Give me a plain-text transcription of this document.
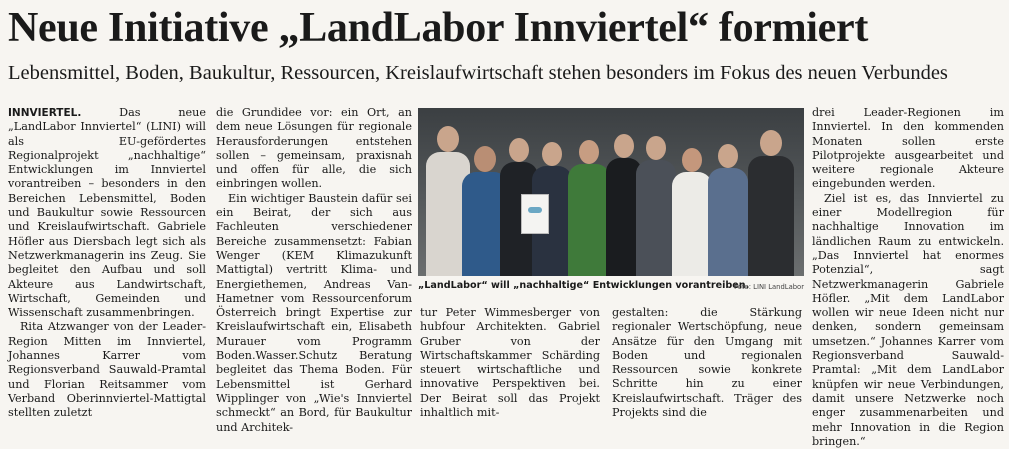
Neue Initiative „LandLabor Innviertel“ formiert
Lebensmittel, Boden, Baukultur, Ressourcen, Kreislaufwirtschaft stehen besonders im Fokus des neuen Verbundes

INNVIERTEL.	Das neue „LandLabor Innviertel“ (LINI) will als EU-gefördertes Regionalprojekt „nachhaltige“ Entwicklungen im Innviertel vorantreiben – besonders in den Bereichen Lebensmittel, Boden und Baukultur sowie Ressourcen und Kreislaufwirtschaft. Gabriele Höfler aus Diersbach legt sich als Netzwerkmanagerin ins Zeug. Sie begleitet den Aufbau und soll Akteure aus Landwirtschaft, Wirtschaft, Gemeinden und Wissenschaft zusammenbringen.

Rita Atzwanger von der Leader-Region Mitten im Innviertel, Johannes Karrer vom Regionsverband Sauwald-Pramtal und Florian Reitsammer vom Verband Oberinnviertel-Mattigtal stellten zuletzt

die Grundidee vor: ein Ort, an dem neue Lösungen für regionale Herausforderungen entstehen sollen – gemeinsam, praxisnah und offen für alle, die sich einbringen wollen.

Ein wichtiger Baustein dafür sei ein Beirat, der sich aus Fachleuten verschiedener Bereiche zusammensetzt: Fabian Wenger (KEM Klimazukunft Mattigtal) vertritt Klima- und Energiethemen, Andreas Van-Hametner vom Ressourcenforum Österreich bringt Expertise zur Kreislaufwirtschaft ein, Elisabeth Murauer vom Programm Boden.Wasser.Schutz Beratung begleitet das Thema Boden. Für Lebensmittel ist Gerhard Wipplinger von „Wie's Innviertel schmeckt“ an Bord, für Baukultur und Architek-

„LandLabor“ will „nachhaltige“ Entwicklungen vorantreiben.
Foto: LINI LandLabor

tur Peter Wimmesberger von hubfour Architekten. Gabriel Gruber von der Wirtschaftskammer Schärding steuert wirtschaftliche und innovative Perspektiven bei. Der Beirat soll das Projekt inhaltlich mit-

gestalten: die Stärkung regionaler Wertschöpfung, neue Ansätze für den Umgang mit Boden und regionalen Ressourcen sowie konkrete Schritte hin zu einer Kreislaufwirtschaft. Träger des Projekts sind die

drei Leader-Regionen im Innviertel. In den kommenden Monaten sollen erste Pilotprojekte ausgearbeitet und weitere regionale Akteure eingebunden werden.

Ziel ist es, das Innviertel zu einer Modellregion für nachhaltige Innovation im ländlichen Raum zu entwickeln. „Das Innviertel hat enormes Potenzial“, sagt Netzwerkmanagerin Gabriele Höfler. „Mit dem LandLabor wollen wir neue Ideen nicht nur denken, sondern gemeinsam umsetzen.“ Johannes Karrer vom Regionsverband Sauwald-Pramtal: „Mit dem LandLabor knüpfen wir neue Verbindungen, damit unsere Netzwerke noch enger zusammenarbeiten und mehr Innovation in die Region bringen.“
